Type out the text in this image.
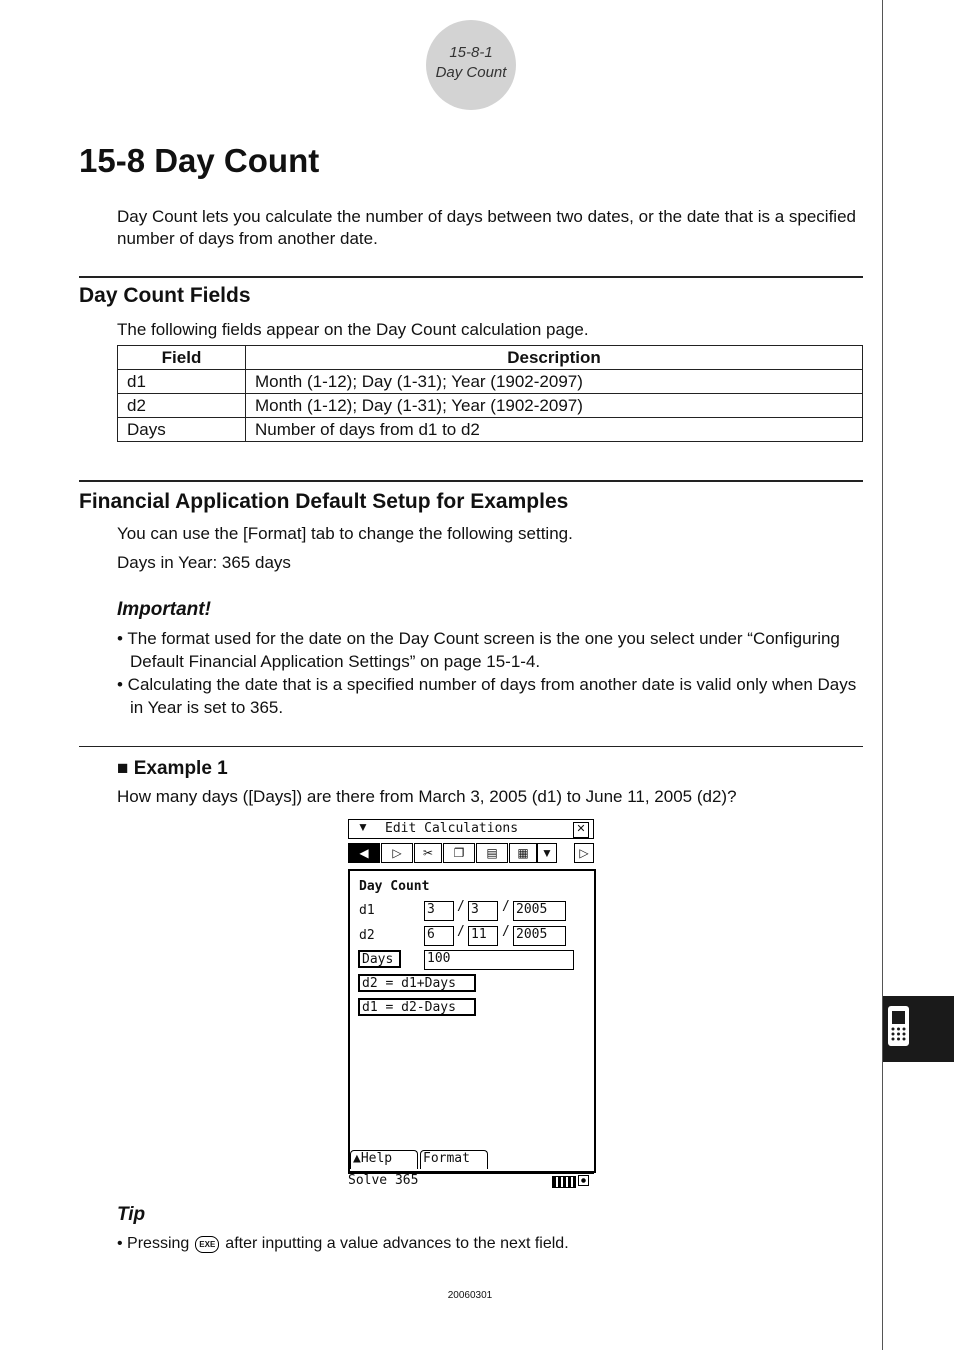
15-8-1
Day Count
15-8 Day Count

Day Count lets you calculate the number of days between two dates, or the date that is a specified number of days from another date.

Day Count Fields

The following fields appear on the Day Count calculation page.

Field	Description
d1	Month (1-12); Day (1-31); Year (1902-2097)
d2	Month (1-12); Day (1-31); Year (1902-2097)
Days	Number of days from d1 to d2
Financial Application Default Setup for Examples

You can use the [Format] tab to change the following setting.

Days in Year: 365 days

Important!

• The format used for the date on the Day Count screen is the one you select under “Configuring Default Financial Application Settings” on page 15-1-4.
• Calculating the date that is a specified number of days from another date is valid only when Days in Year is set to 365.

■ Example 1

How many days ([Days]) are there from March 3, 2005 (d1) to June 11, 2005 (d2)?

▼ Edit Calculations	✕
◀	▷	✂	❐	▤	▦	▼	▷
Day Count
d1	3	/ 3	/ 2005
d2	6	/ 11	/ 2005
Days	100
d2 = d1+Days
d1 = d2-Days
▲Help	Format
Solve 365

Tip

• Pressing	EXE after inputting a value advances to the next field.
20060301
